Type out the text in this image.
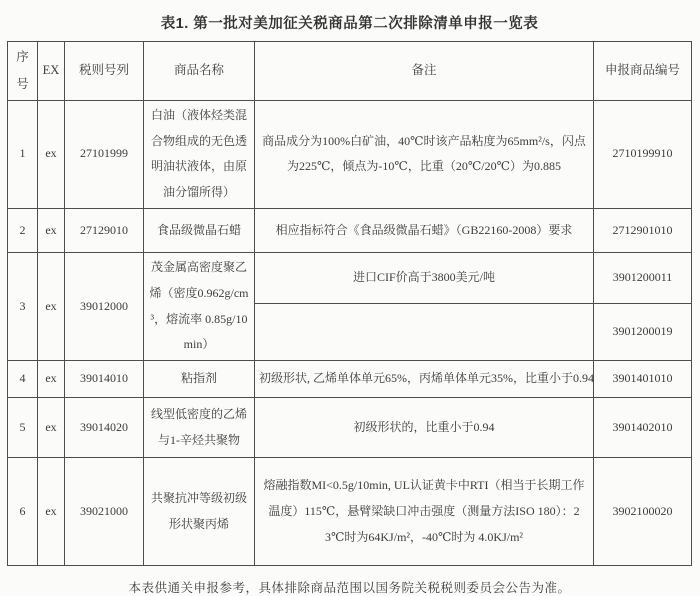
表1. 第一批对美加征关税商品第二次排除清单申报一览表
序号	EX	税则号列	商品名称	备注	申报商品编号
1	ex	27101999	白油（液体烃类混合物组成的无色透明油状液体，由原油分馏所得）	商品成分为100%白矿油，40℃时该产品粘度为65mm²/s，闪点为225℃，倾点为-10℃，比重（20℃/20℃）为0.885	2710199910
2	ex	27129010	食品级微晶石蜡	相应指标符合《食品级微晶石蜡》（GB22160-2008）要求	2712901010
3	ex	39012000	茂金属高密度聚乙烯（密度0.962g/cm³，熔流率 0.85g/10min）	进口CIF价高于3800美元/吨	3901200011
					3901200019
4	ex	39014010	粘指剂	初级形状, 乙烯单体单元65%，丙烯单体单元35%，比重小于0.94	3901401010
5	ex	39014020	线型低密度的乙烯与1-辛烃共聚物	初级形状的，比重小于0.94	3901402010
6	ex	39021000	共聚抗冲等级初级形状聚丙烯	熔融指数MI<0.5g/10min, UL认证黄卡中RTI（相当于长期工作温度）115℃，悬臂梁缺口冲击强度（测量方法ISO 180）：23℃时为64KJ/m²，-40℃时为 4.0KJ/m²	3902100020
本表供通关申报参考，具体排除商品范围以国务院关税税则委员会公告为准。
